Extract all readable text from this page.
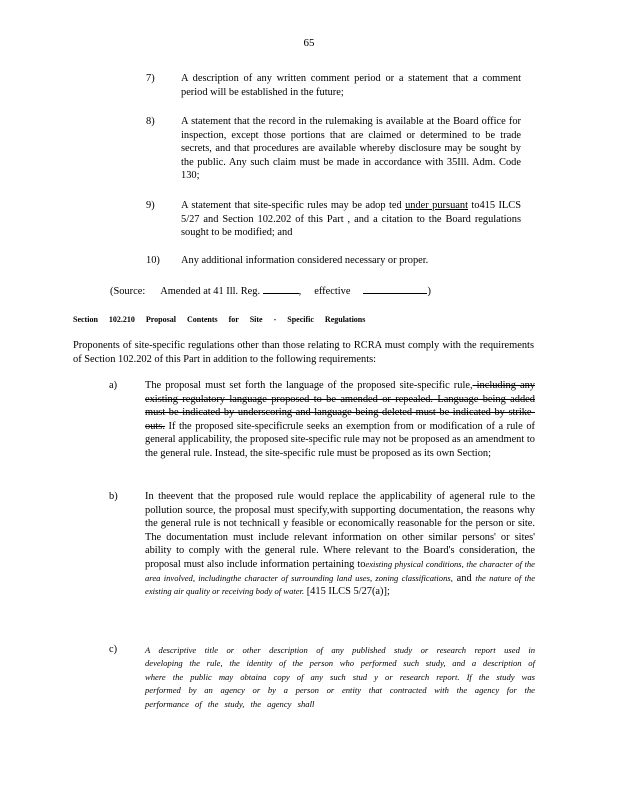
65
7)	A description of any written comment period or a statement that a comment period will be established in the future;
8)	A statement that the record in the rulemaking is available at the Board office for inspection, except those portions that are claimed or determined to be trade secrets, and that procedures are available whereby disclosure may be sought by the public. Any such claim must be made in accordance with 35Ill. Adm. Code 130;
9)	A statement that site-specific rules may be adop ted under pursuant to415 ILCS 5/27 and Section 102.202 of this Part , and a citation to the Board regulations sought to be modified; and
10) Any additional information considered necessary or proper.
(Source: Amended at 41 Ill. Reg.	, effective	)
Section 102.210 Proposal Contents for Site - Specific Regulations
Proponents of site-specific regulations other than those relating to RCRA must comply with the requirements of Section 102.202 of this Part in addition to the following requirements:
a)	The proposal must set forth the language of the proposed site-specific rule, including any existing regulatory language proposed to be amended or repealed. Language being added must be indicated by underscoring and language being deleted must be indicated by strike- outs. If the proposed site-specificrule seeks an exemption from or modification of a rule of general applicability, the proposed site-specific rule may not be proposed as an amendment to the general rule. Instead, the site-specific rule must be proposed as its own Section;
b)	In theevent that the proposed rule would replace the applicability of ageneral rule to the pollution source, the proposal must specify,with supporting documentation, the reasons why the general rule is not technicall y feasible or economically reasonable for the person or site. The documentation must include relevant information on other similar persons' or sites' ability to comply with the general rule. Where relevant to the Board's consideration, the proposal must also include information pertaining toexisting physical conditions, the character of the area involved, includingthe character of surrounding land uses, zoning classifications, and the nature of the existing air quality or receiving body of water. [415 ILCS 5/27(a)];
c)	A descriptive title or other description of any published study or research report used in developing the rule, the identity of the person who performed such study, and a description of where the public may obtaina copy of any such stud y or research report. If the study was performed by an agency or by a person or entity that contracted with the agency for the performance of the study, the agency shall
